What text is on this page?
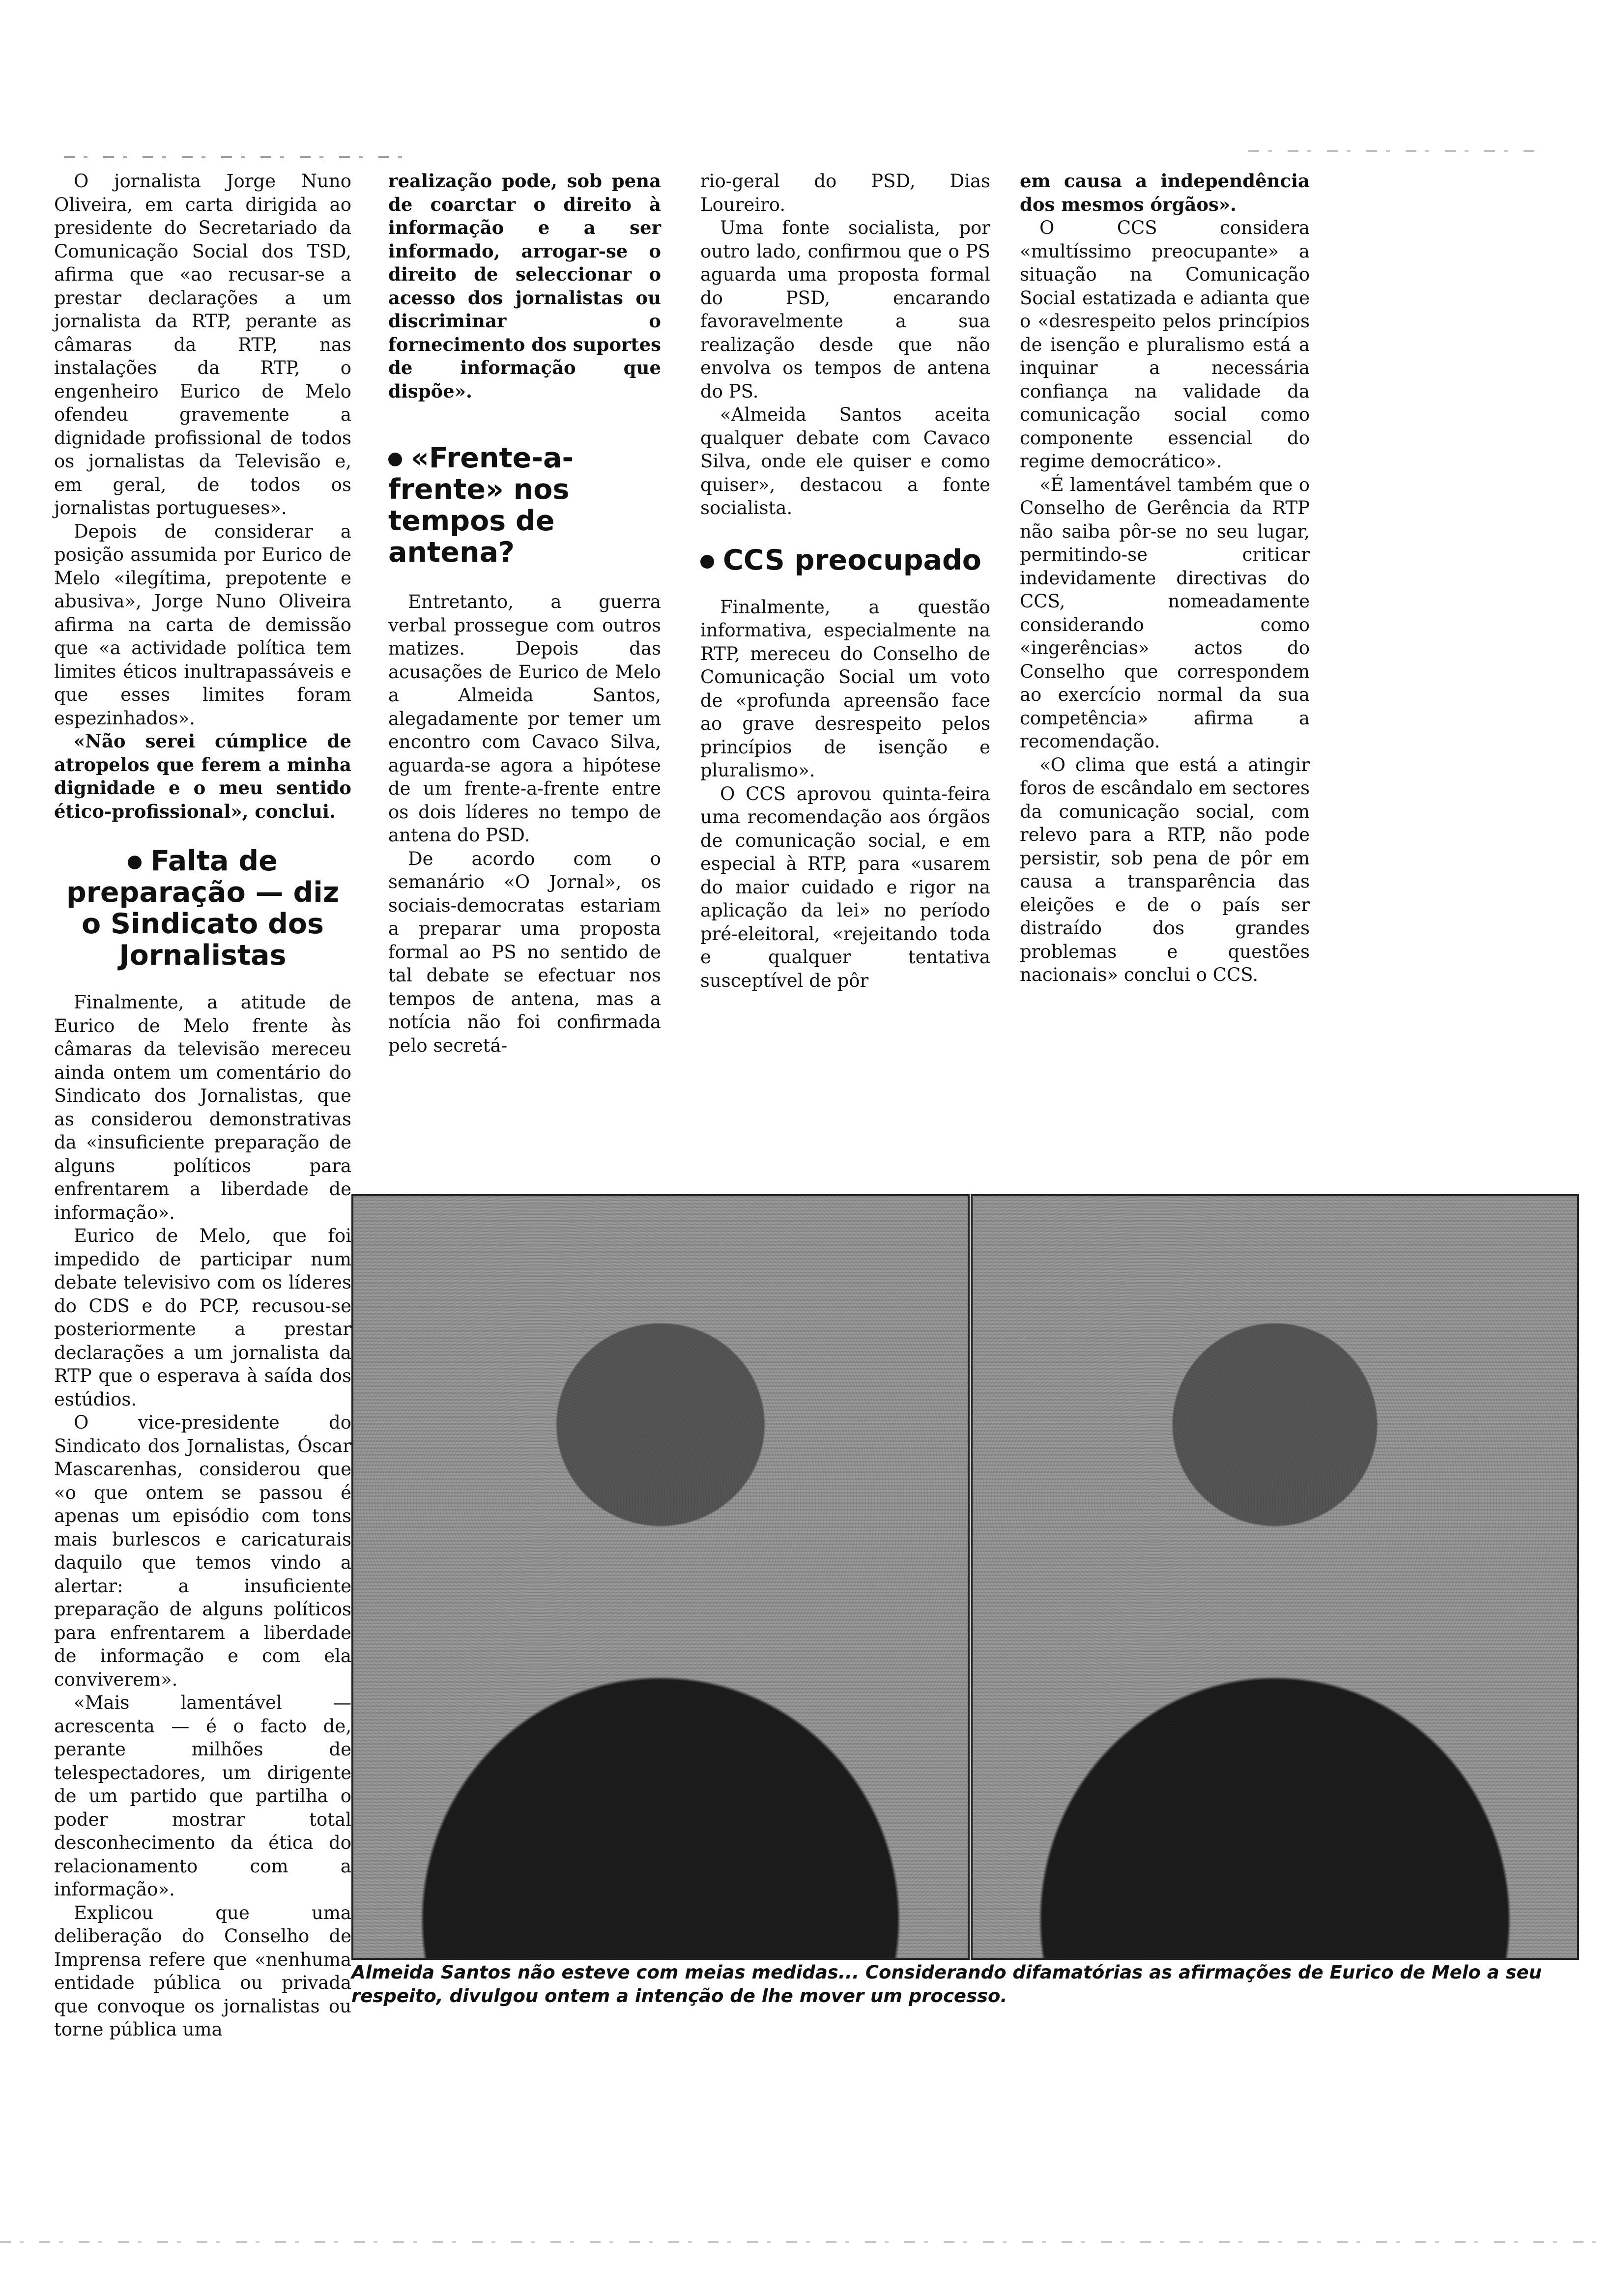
O jornalista Jorge Nuno Oliveira, em carta dirigida ao presidente do Secretariado da Comunicação Social dos TSD, afirma que «ao recusar-se a prestar declarações a um jornalista da RTP, perante as câmaras da RTP, nas instalações da RTP, o engenheiro Eurico de Melo ofendeu gravemente a dignidade profissional de todos os jornalistas da Televisão e, em geral, de todos os jornalistas portugueses».

Depois de considerar a posição assumida por Eurico de Melo «ilegítima, prepotente e abusiva», Jorge Nuno Oliveira afirma na carta de demissão que «a actividade política tem limites éticos inultrapassáveis e que esses limites foram espezinhados».

«Não serei cúmplice de atropelos que ferem a minha dignidade e o meu sentido ético-profissional», conclui.

Falta de preparação — diz o Sindicato dos Jornalistas

Finalmente, a atitude de Eurico de Melo frente às câmaras da televisão mereceu ainda ontem um comentário do Sindicato dos Jornalistas, que as considerou demonstrativas da «insuficiente preparação de alguns políticos para enfrentarem a liberdade de informação».

Eurico de Melo, que foi impedido de participar num debate televisivo com os líderes do CDS e do PCP, recusou-se posteriormente a prestar declarações a um jornalista da RTP que o esperava à saída dos estúdios.

O vice-presidente do Sindicato dos Jornalistas, Óscar Mascarenhas, considerou que «o que ontem se passou é apenas um episódio com tons mais burlescos e caricaturais daquilo que temos vindo a alertar: a insuficiente preparação de alguns políticos para enfrentarem a liberdade de informação e com ela conviverem».

«Mais lamentável — acrescenta — é o facto de, perante milhões de telespectadores, um dirigente de um partido que partilha o poder mostrar total desconhecimento da ética do relacionamento com a informação».

Explicou que uma deliberação do Conselho de Imprensa refere que «nenhuma entidade pública ou privada que convoque os jornalistas ou torne pública uma

realização pode, sob pena de coarctar o direito à informação e a ser informado, arrogar-se o direito de seleccionar o acesso dos jornalistas ou discriminar o fornecimento dos suportes de informação que dispõe».

«Frente-a-frente» nos tempos de antena?

Entretanto, a guerra verbal prossegue com outros matizes. Depois das acusações de Eurico de Melo a Almeida Santos, alegadamente por temer um encontro com Cavaco Silva, aguarda-se agora a hipótese de um frente-a-frente entre os dois líderes no tempo de antena do PSD.

De acordo com o semanário «O Jornal», os sociais-democratas estariam a preparar uma proposta formal ao PS no sentido de tal debate se efectuar nos tempos de antena, mas a notícia não foi confirmada pelo secretá-

rio-geral do PSD, Dias Loureiro.

Uma fonte socialista, por outro lado, confirmou que o PS aguarda uma proposta formal do PSD, encarando favoravelmente a sua realização desde que não envolva os tempos de antena do PS.

«Almeida Santos aceita qualquer debate com Cavaco Silva, onde ele quiser e como quiser», destacou a fonte socialista.

CCS preocupado

Finalmente, a questão informativa, especialmente na RTP, mereceu do Conselho de Comunicação Social um voto de «profunda apreensão face ao grave desrespeito pelos princípios de isenção e pluralismo».

O CCS aprovou quinta-feira uma recomendação aos órgãos de comunicação social, e em especial à RTP, para «usarem do maior cuidado e rigor na aplicação da lei» no período pré-eleitoral, «rejeitando toda e qualquer tentativa susceptível de pôr

em causa a independência dos mesmos órgãos».

O CCS considera «multíssimo preocupante» a situação na Comunicação Social estatizada e adianta que o «desrespeito pelos princípios de isenção e pluralismo está a inquinar a necessária confiança na validade da comunicação social como componente essencial do regime democrático».

«É lamentável também que o Conselho de Gerência da RTP não saiba pôr-se no seu lugar, permitindo-se criticar indevidamente directivas do CCS, nomeadamente considerando como «ingerências» actos do Conselho que correspondem ao exercício normal da sua competência» afirma a recomendação.

«O clima que está a atingir foros de escândalo em sectores da comunicação social, com relevo para a RTP, não pode persistir, sob pena de pôr em causa a transparência das eleições e de o país ser distraído dos grandes problemas e questões nacionais» conclui o CCS.

Almeida Santos não esteve com meias medidas... Considerando difamatórias as afirmações de Eurico de Melo a seu respeito, divulgou ontem a intenção de lhe mover um processo.
